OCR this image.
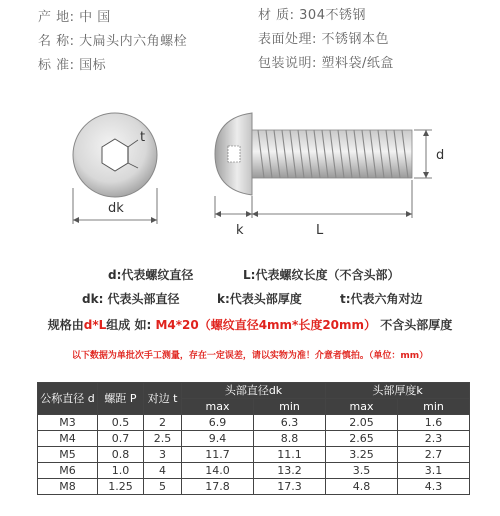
产 地: 中 国
名 称: 大扁头内六角螺栓
标 准: 国标
材 质: 304不锈钢
表面处理: 不锈钢本色
包装说明: 塑料袋/纸盒
t
dk
d
k	L
d:代表螺纹直径	L:代表螺纹长度（不含头部）
dk: 代表头部直径	k:代表头部厚度	t:代表六角对边
规格由d*L组成 如: M4*20（螺纹直径4mm*长度20mm） 不含头部厚度
以下数据为单批次手工测量，存在一定误差，请以实物为准！介意者慎拍。（单位：mm）
公称直径 d	螺距 P	对边 t	头部直径dk		头部厚度k	
			max	min	max	min
M3	0.5	2	6.9	6.3	2.05	1.6
M4	0.7	2.5	9.4	8.8	2.65	2.3
M5	0.8	3	11.7	11.1	3.25	2.7
M6	1.0	4	14.0	13.2	3.5	3.1
M8	1.25	5	17.8	17.3	4.8	4.3
